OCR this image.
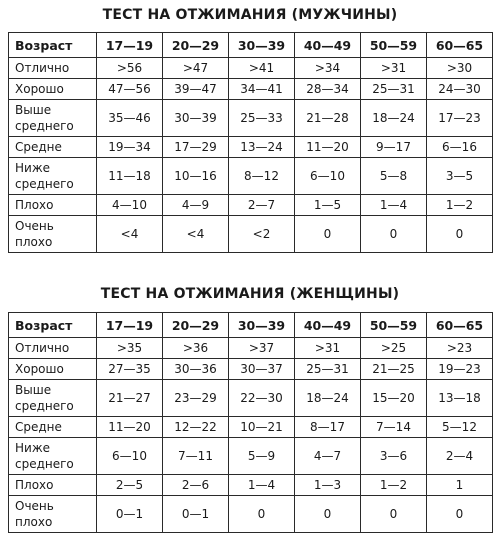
ТЕСТ НА ОТЖИМАНИЯ (МУЖЧИНЫ)
Возраст	17—19	20—29	30—39	40—49	50—59	60—65
Отлично	>56	>47	>41	>34	>31	>30
Хорошо	47—56	39—47	34—41	28—34	25—31	24—30
Выше среднего	35—46	30—39	25—33	21—28	18—24	17—23
Средне	19—34	17—29	13—24	11—20	9—17	6—16
Ниже среднего	11—18	10—16	8—12	6—10	5—8	3—5
Плохо	4—10	4—9	2—7	1—5	1—4	1—2
Очень плохо	<4	<4	<2	0	0	0
ТЕСТ НА ОТЖИМАНИЯ (ЖЕНЩИНЫ)
Возраст	17—19	20—29	30—39	40—49	50—59	60—65
Отлично	>35	>36	>37	>31	>25	>23
Хорошо	27—35	30—36	30—37	25—31	21—25	19—23
Выше среднего	21—27	23—29	22—30	18—24	15—20	13—18
Средне	11—20	12—22	10—21	8—17	7—14	5—12
Ниже среднего	6—10	7—11	5—9	4—7	3—6	2—4
Плохо	2—5	2—6	1—4	1—3	1—2	1
Очень плохо	0—1	0—1	0	0	0	0
